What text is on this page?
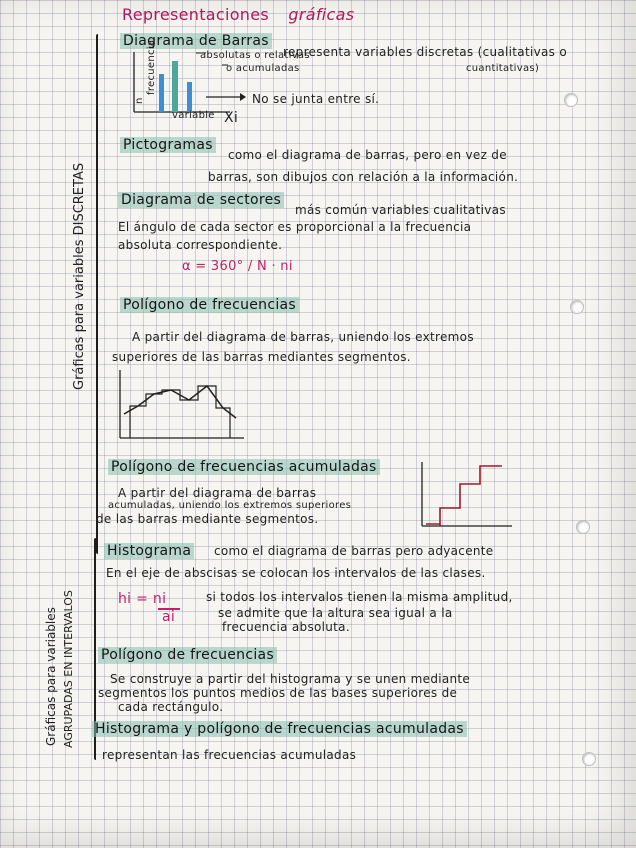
Representaciones gráficas
Gráficas para variables DISCRETAS
Diagrama de Barras
representa variables discretas (cualitativas o
cuantitativas)
absolutas o relativas
o acumuladas
frecuencia
n
variable Xi
No se junta entre sí.
Pictogramas
como el diagrama de barras, pero en vez de
barras, son dibujos con relación a la información.
Diagrama de sectores
más común variables cualitativas
El ángulo de cada sector es proporcional a la frecuencia
absoluta correspondiente.
α = 360° / N · ni
Polígono de frecuencias
A partir del diagrama de barras, uniendo los extremos
superiores de las barras mediantes segmentos.
Polígono de frecuencias acumuladas
A partir del diagrama de barras
acumuladas, uniendo los extremos superiores
de las barras mediante segmentos.
Gráficas para variables AGRUPADAS EN INTERVALOS
Histograma como el diagrama de barras pero adyacente
En el eje de abscisas se colocan los intervalos de las clases.
hi = ni
ai
si todos los intervalos tienen la misma amplitud,
se admite que la altura sea igual a la
frecuencia absoluta.
Polígono de frecuencias
Se construye a partir del histograma y se unen mediante
segmentos los puntos medios de las bases superiores de
cada rectángulo.
Histograma y polígono de frecuencias acumuladas
representan las frecuencias acumuladas
